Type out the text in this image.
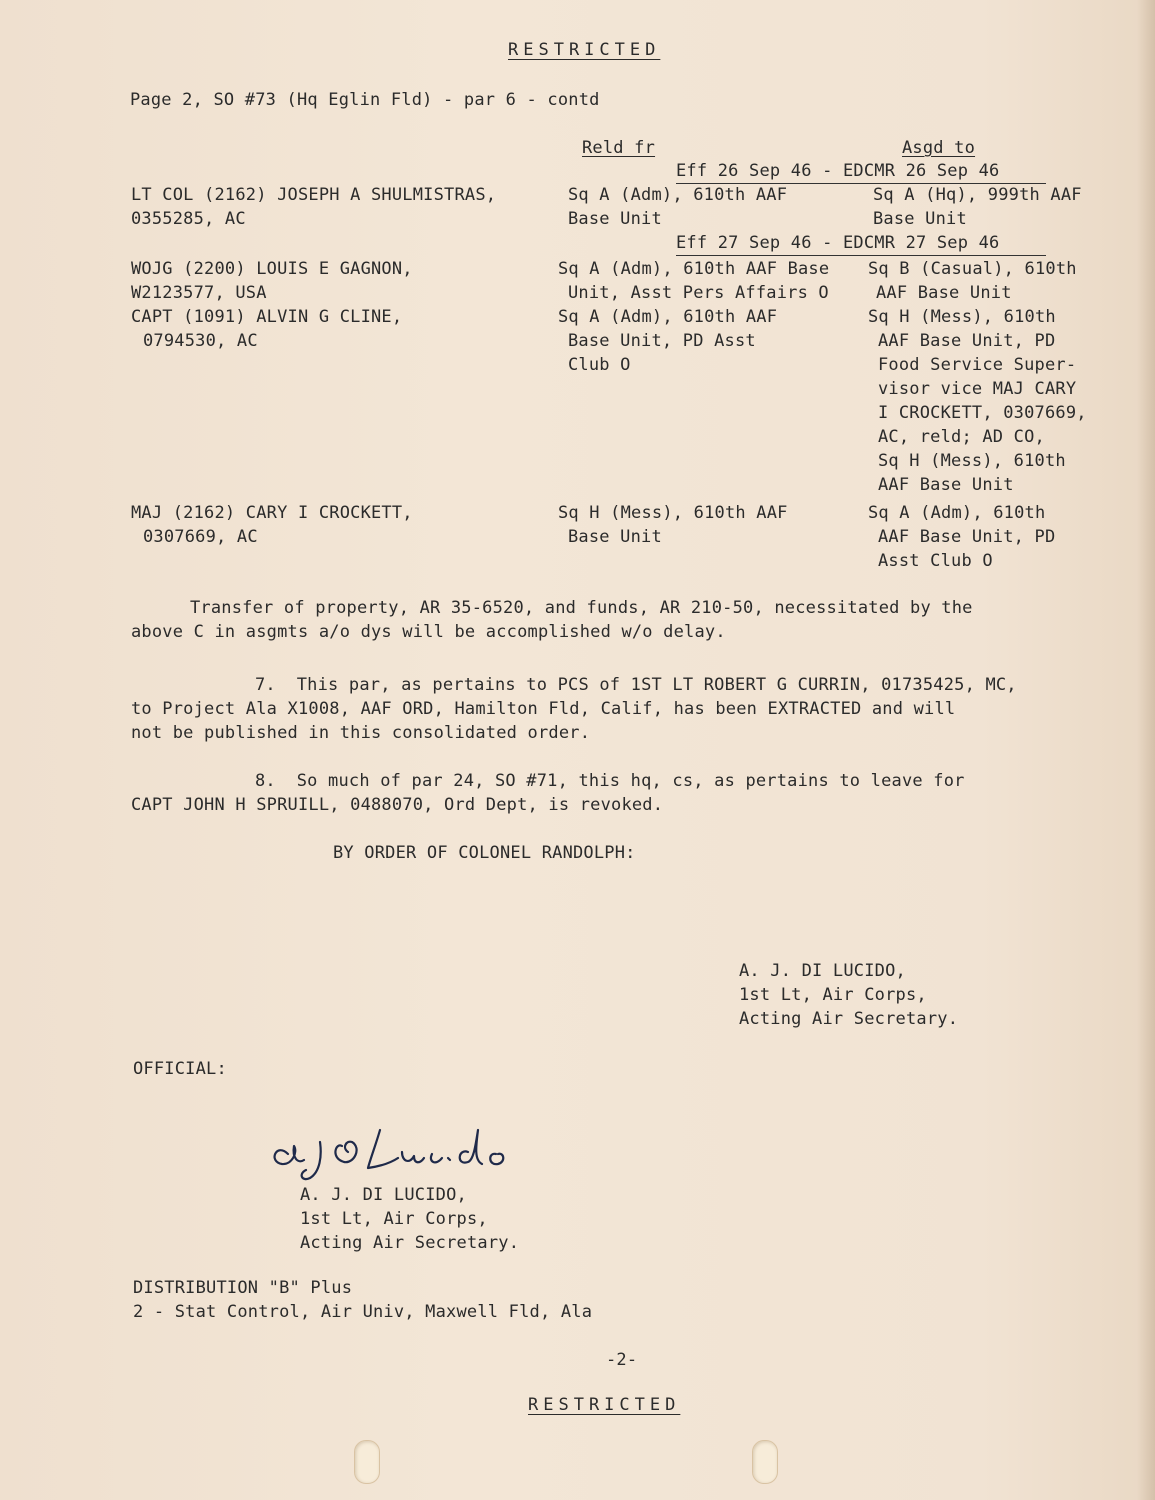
RESTRICTED
Page 2, SO #73 (Hq Eglin Fld) - par 6 - contd
Reld fr	Asgd to
Eff 26 Sep 46 - EDCMR 26 Sep 46
LT COL (2162) JOSEPH A SHULMISTRAS,
0355285, AC
Sq A (Adm), 610th AAF
Base Unit
Sq A (Hq), 999th AAF
Base Unit
Eff 27 Sep 46 - EDCMR 27 Sep 46
WOJG (2200) LOUIS E GAGNON,
W2123577, USA
Sq A (Adm), 610th AAF Base
Unit, Asst Pers Affairs O
Sq B (Casual), 610th
AAF Base Unit
CAPT (1091) ALVIN G CLINE,
0794530, AC
Sq A (Adm), 610th AAF
Base Unit, PD Asst
Club O
Sq H (Mess), 610th
AAF Base Unit, PD
Food Service Super-
visor vice MAJ CARY
I CROCKETT, 0307669,
AC, reld; AD CO,
Sq H (Mess), 610th
AAF Base Unit
MAJ (2162) CARY I CROCKETT,
0307669, AC
Sq H (Mess), 610th AAF
Base Unit
Sq A (Adm), 610th
AAF Base Unit, PD
Asst Club O
Transfer of property, AR 35-6520, and funds, AR 210-50, necessitated by the
above C in asgmts a/o dys will be accomplished w/o delay.
7.  This par, as pertains to PCS of 1ST LT ROBERT G CURRIN, 01735425, MC,
to Project Ala X1008, AAF ORD, Hamilton Fld, Calif, has been EXTRACTED and will
not be published in this consolidated order.
8.  So much of par 24, SO #71, this hq, cs, as pertains to leave for
CAPT JOHN H SPRUILL, 0488070, Ord Dept, is revoked.
BY ORDER OF COLONEL RANDOLPH:
A. J. DI LUCIDO,
1st Lt, Air Corps,
Acting Air Secretary.
OFFICIAL:
A. J. DI LUCIDO,
1st Lt, Air Corps,
Acting Air Secretary.
DISTRIBUTION "B" Plus
2 - Stat Control, Air Univ, Maxwell Fld, Ala
-2-
RESTRICTED
